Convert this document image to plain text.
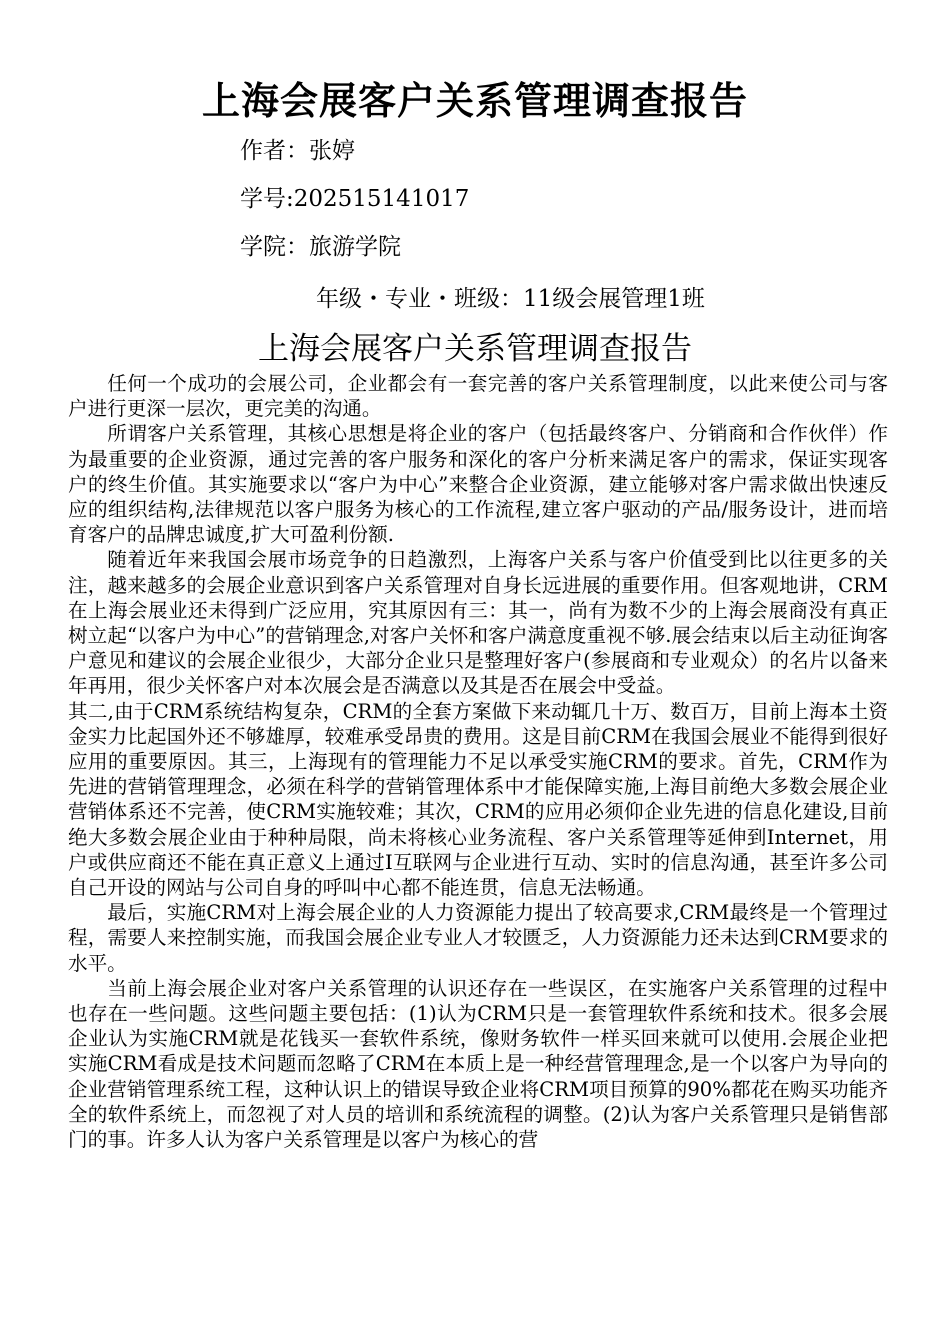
上海会展客户关系管理调查报告
作者：张婷
学号:202515141017
学院：旅游学院
年级・专业・班级：11级会展管理1班
上海会展客户关系管理调查报告

任何一个成功的会展公司，企业都会有一套完善的客户关系管理制度，以此来使公司与客户进行更深一层次，更完美的沟通。

所谓客户关系管理，其核心思想是将企业的客户（包括最终客户、分销商和合作伙伴）作为最重要的企业资源，通过完善的客户服务和深化的客户分析来满足客户的需求，保证实现客户的终生价值。其实施要求以“客户为中心”来整合企业资源，建立能够对客户需求做出快速反应的组织结构,法律规范以客户服务为核心的工作流程,建立客户驱动的产品/服务设计，进而培育客户的品牌忠诚度,扩大可盈利份额.

随着近年来我国会展市场竞争的日趋激烈，上海客户关系与客户价值受到比以往更多的关注，越来越多的会展企业意识到客户关系管理对自身长远进展的重要作用。但客观地讲，CRM在上海会展业还未得到广泛应用，究其原因有三：其一，尚有为数不少的上海会展商没有真正树立起“以客户为中心”的营销理念,对客户关怀和客户满意度重视不够.展会结束以后主动征询客户意见和建议的会展企业很少，大部分企业只是整理好客户(参展商和专业观众）的名片以备来年再用，很少关怀客户对本次展会是否满意以及其是否在展会中受益。

其二,由于CRM系统结构复杂，CRM的全套方案做下来动辄几十万、数百万，目前上海本土资金实力比起国外还不够雄厚，较难承受昂贵的费用。这是目前CRM在我国会展业不能得到很好应用的重要原因。其三，上海现有的管理能力不足以承受实施CRM的要求。首先，CRM作为先进的营销管理理念，必须在科学的营销管理体系中才能保障实施,上海目前绝大多数会展企业营销体系还不完善，使CRM实施较难；其次，CRM的应用必须仰企业先进的信息化建设,目前绝大多数会展企业由于种种局限，尚未将核心业务流程、客户关系管理等延伸到Internet，用户或供应商还不能在真正意义上通过I互联网与企业进行互动、实时的信息沟通，甚至许多公司自己开设的网站与公司自身的呼叫中心都不能连贯，信息无法畅通。

最后，实施CRM对上海会展企业的人力资源能力提出了较高要求,CRM最终是一个管理过程，需要人来控制实施，而我国会展企业专业人才较匮乏，人力资源能力还未达到CRM要求的水平。

当前上海会展企业对客户关系管理的认识还存在一些误区，在实施客户关系管理的过程中也存在一些问题。这些问题主要包括：(1)认为CRM只是一套管理软件系统和技术。很多会展企业认为实施CRM就是花钱买一套软件系统，像财务软件一样买回来就可以使用.会展企业把实施CRM看成是技术问题而忽略了CRM在本质上是一种经营管理理念,是一个以客户为导向的企业营销管理系统工程，这种认识上的错误导致企业将CRM项目预算的90%都花在购买功能齐全的软件系统上，而忽视了对人员的培训和系统流程的调整。(2)认为客户关系管理只是销售部门的事。许多人认为客户关系管理是以客户为核心的营
